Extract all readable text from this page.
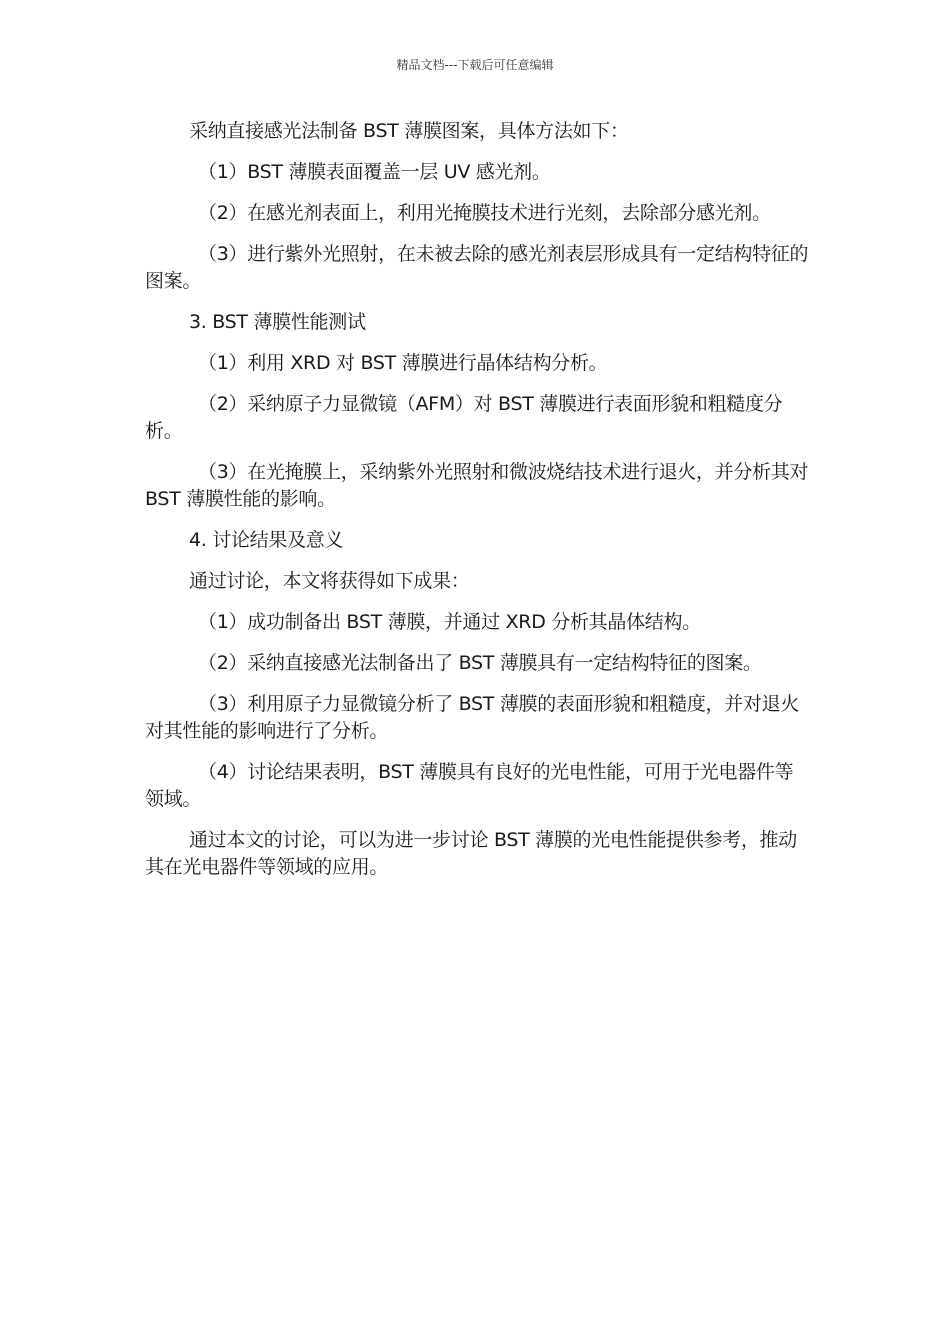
精品文档---下载后可任意编辑

采纳直接感光法制备 BST 薄膜图案，具体方法如下：

（1）BST 薄膜表面覆盖一层 UV 感光剂。

（2）在感光剂表面上，利用光掩膜技术进行光刻，去除部分感光剂。

（3）进行紫外光照射，在未被去除的感光剂表层形成具有一定结构特征的图案。

3. BST 薄膜性能测试

（1）利用 XRD 对 BST 薄膜进行晶体结构分析。

（2）采纳原子力显微镜（AFM）对 BST 薄膜进行表面形貌和粗糙度分析。

（3）在光掩膜上，采纳紫外光照射和微波烧结技术进行退火，并分析其对 BST 薄膜性能的影响。

4. 讨论结果及意义

通过讨论，本文将获得如下成果：

（1）成功制备出 BST 薄膜，并通过 XRD 分析其晶体结构。

（2）采纳直接感光法制备出了 BST 薄膜具有一定结构特征的图案。

（3）利用原子力显微镜分析了 BST 薄膜的表面形貌和粗糙度，并对退火对其性能的影响进行了分析。

（4）讨论结果表明，BST 薄膜具有良好的光电性能，可用于光电器件等领域。

通过本文的讨论，可以为进一步讨论 BST 薄膜的光电性能提供参考，推动其在光电器件等领域的应用。
